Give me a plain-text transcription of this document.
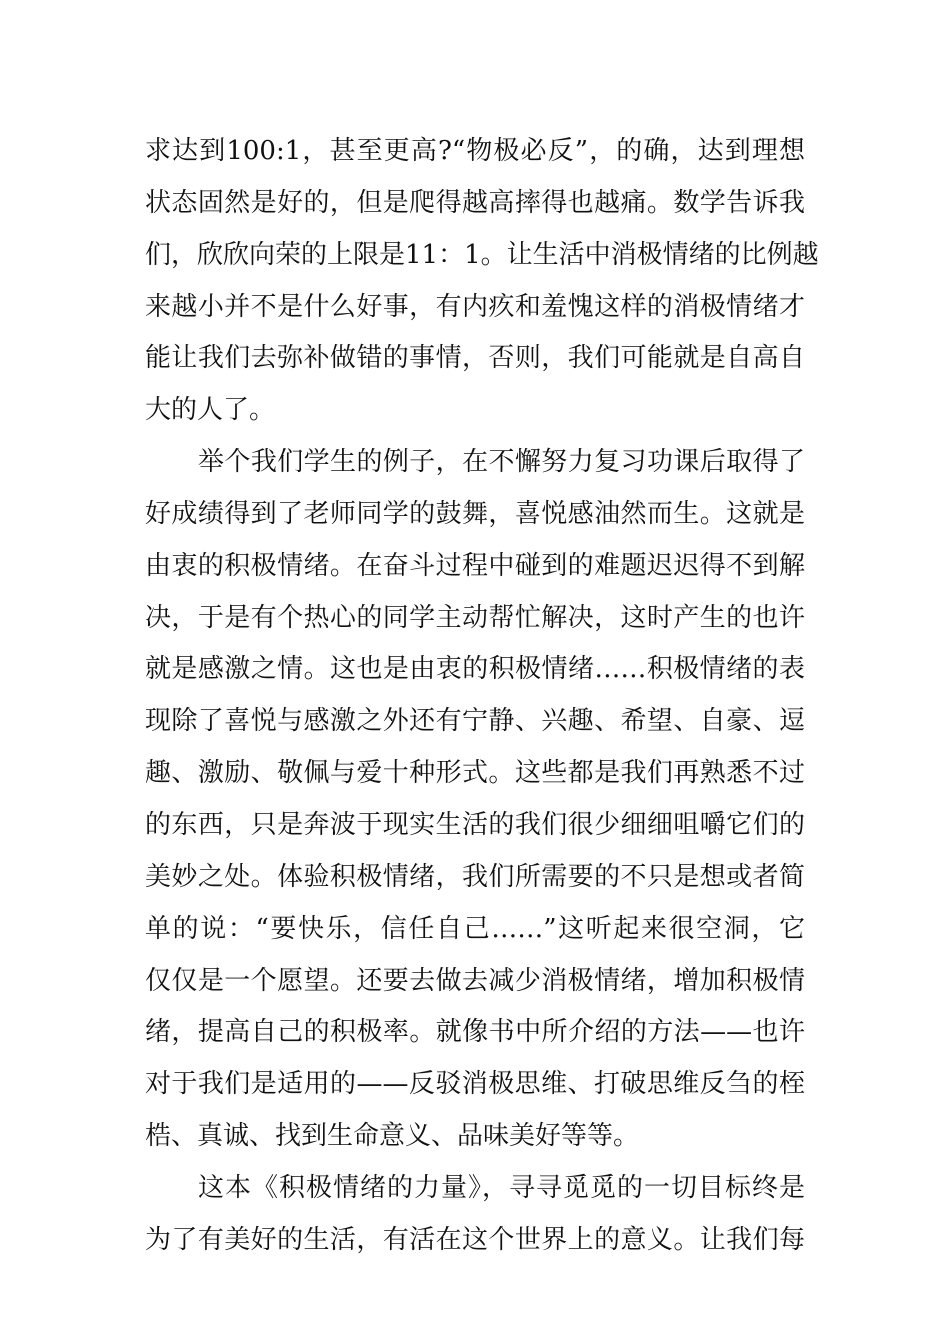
求达到100:1，甚至更高?“物极必反”，的确，达到理想
状态固然是好的，但是爬得越高摔得也越痛。数学告诉我
们，欣欣向荣的上限是11：1。让生活中消极情绪的比例越
来越小并不是什么好事，有内疚和羞愧这样的消极情绪才
能让我们去弥补做错的事情，否则，我们可能就是自高自
大的人了。
举个我们学生的例子，在不懈努力复习功课后取得了
好成绩得到了老师同学的鼓舞，喜悦感油然而生。这就是
由衷的积极情绪。在奋斗过程中碰到的难题迟迟得不到解
决，于是有个热心的同学主动帮忙解决，这时产生的也许
就是感激之情。这也是由衷的积极情绪……积极情绪的表
现除了喜悦与感激之外还有宁静、兴趣、希望、自豪、逗
趣、激励、敬佩与爱十种形式。这些都是我们再熟悉不过
的东西，只是奔波于现实生活的我们很少细细咀嚼它们的
美妙之处。体验积极情绪，我们所需要的不只是想或者简
单的说：“要快乐，信任自己……”这听起来很空洞，它
仅仅是一个愿望。还要去做去减少消极情绪，增加积极情
绪，提高自己的积极率。就像书中所介绍的方法——也许
对于我们是适用的——反驳消极思维、打破思维反刍的桎
梏、真诚、找到生命意义、品味美好等等。
这本《积极情绪的力量》，寻寻觅觅的一切目标终是
为了有美好的生活，有活在这个世界上的意义。让我们每
